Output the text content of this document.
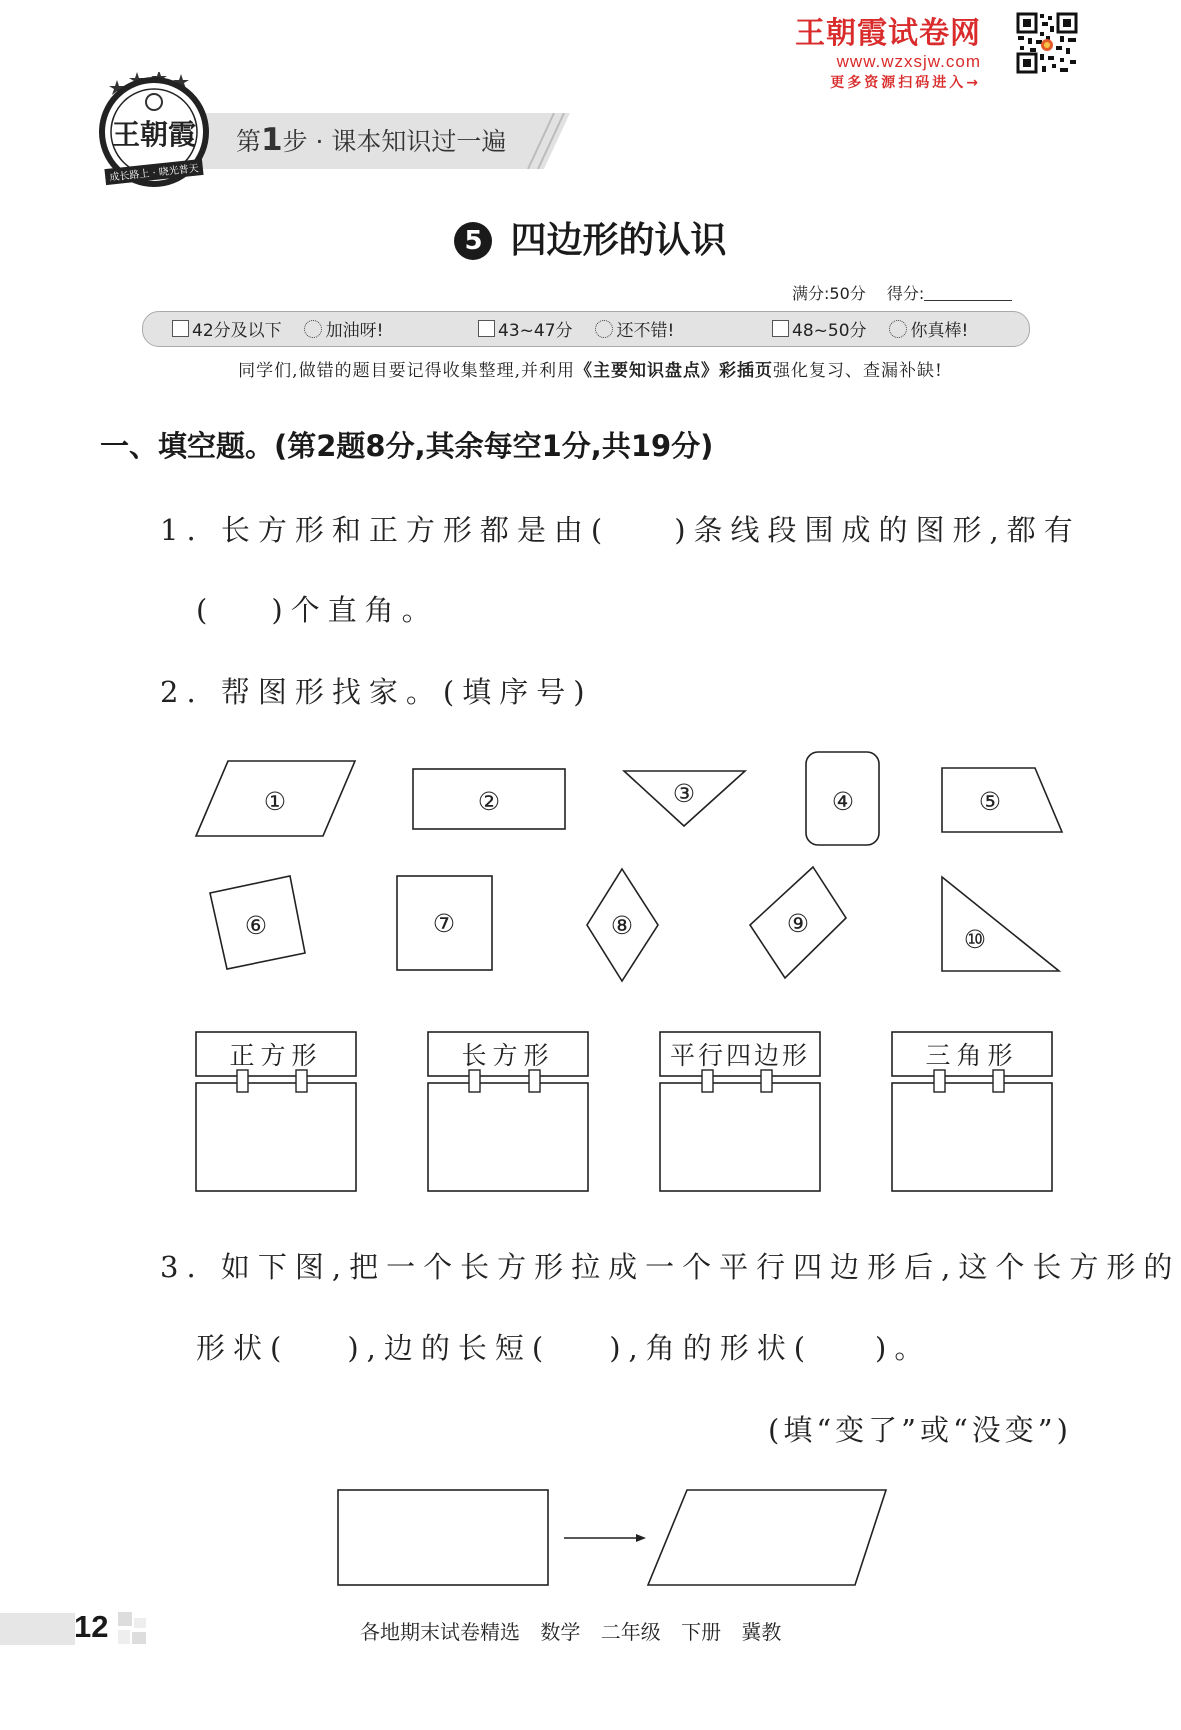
王朝霞试卷网
www.wzxsjw.com
更多资源扫码进入→
第1步 · 课本知识过一遍
王朝霞
成长路上 · 晓光普天
5 四边形的认识
满分:50分 得分:
42分及以下	加油呀!	43~47分	还不错!	48~50分	你真棒!
同学们,做错的题目要记得收集整理,并利用《主要知识盘点》彩插页强化复习、查漏补缺!
一、填空题。(第2题8分,其余每空1分,共19分)
1. 长方形和正方形都是由( )条线段围成的图形,都有
( )个直角。
2. 帮图形找家。(填序号)
①	②	③	④	⑤
⑥	⑦	⑧	⑨
⑩
正方形	长方形	平行四边形	三角形
3. 如下图,把一个长方形拉成一个平行四边形后,这个长方形的
形状( ),边的长短( ),角的形状( )。
(填“变了”或“没变”)
12	各地期末试卷精选 数学 二年级 下册 冀教
